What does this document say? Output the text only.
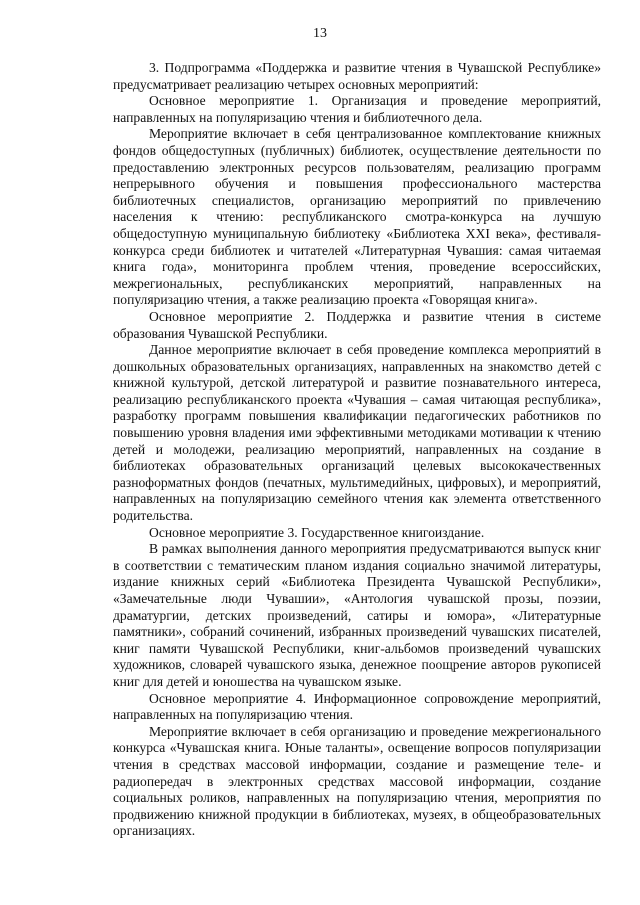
13

3. Подпрограмма «Поддержка и развитие чтения в Чувашской Республике» предусматривает реализацию четырех основных мероприятий:

Основное мероприятие 1. Организация и проведение мероприятий, направленных на популяризацию чтения и библиотечного дела.

Мероприятие включает в себя централизованное комплектование книжных фондов общедоступных (публичных) библиотек, осуществление деятельности по предоставлению электронных ресурсов пользователям, реализацию программ непрерывного обучения и повышения профессионального мастерства библиотечных специалистов, организацию мероприятий по привлечению населения к чтению: республиканского смотра-конкурса на лучшую общедоступную муниципальную библиотеку «Библиотека XXI века», фестиваля-конкурса среди библиотек и читателей «Литературная Чувашия: самая читаемая книга года», мониторинга проблем чтения, проведение всероссийских, межрегиональных, республиканских мероприятий, направленных на популяризацию чтения, а также реализацию проекта «Говорящая книга».

Основное мероприятие 2. Поддержка и развитие чтения в системе образования Чувашской Республики.

Данное мероприятие включает в себя проведение комплекса мероприятий в дошкольных образовательных организациях, направленных на знакомство детей с книжной культурой, детской литературой и развитие познавательного интереса, реализацию республиканского проекта «Чувашия – самая читающая республика», разработку программ повышения квалификации педагогических работников по повышению уровня владения ими эффективными методиками мотивации к чтению детей и молодежи, реализацию мероприятий, направленных на создание в библиотеках образовательных организаций целевых высококачественных разноформатных фондов (печатных, мультимедийных, цифровых), и мероприятий, направленных на популяризацию семейного чтения как элемента ответственного родительства.

Основное мероприятие 3. Государственное книгоиздание.

В рамках выполнения данного мероприятия предусматриваются выпуск книг в соответствии с тематическим планом издания социально значимой литературы, издание книжных серий «Библиотека Президента Чувашской Республики», «Замечательные люди Чувашии», «Антология чувашской прозы, поэзии, драматургии, детских произведений, сатиры и юмора», «Литературные памятники», собраний сочинений, избранных произведений чувашских писателей, книг памяти Чувашской Республики, книг-альбомов произведений чувашских художников, словарей чувашского языка, денежное поощрение авторов рукописей книг для детей и юношества на чувашском языке.

Основное мероприятие 4. Информационное сопровождение мероприятий, направленных на популяризацию чтения.

Мероприятие включает в себя организацию и проведение межрегионального конкурса «Чувашская книга. Юные таланты», освещение вопросов популяризации чтения в средствах массовой информации, создание и размещение теле- и радиопередач в электронных средствах массовой информации, создание социальных роликов, направленных на популяризацию чтения, мероприятия по продвижению книжной продукции в библиотеках, музеях, в общеобразовательных организациях.
